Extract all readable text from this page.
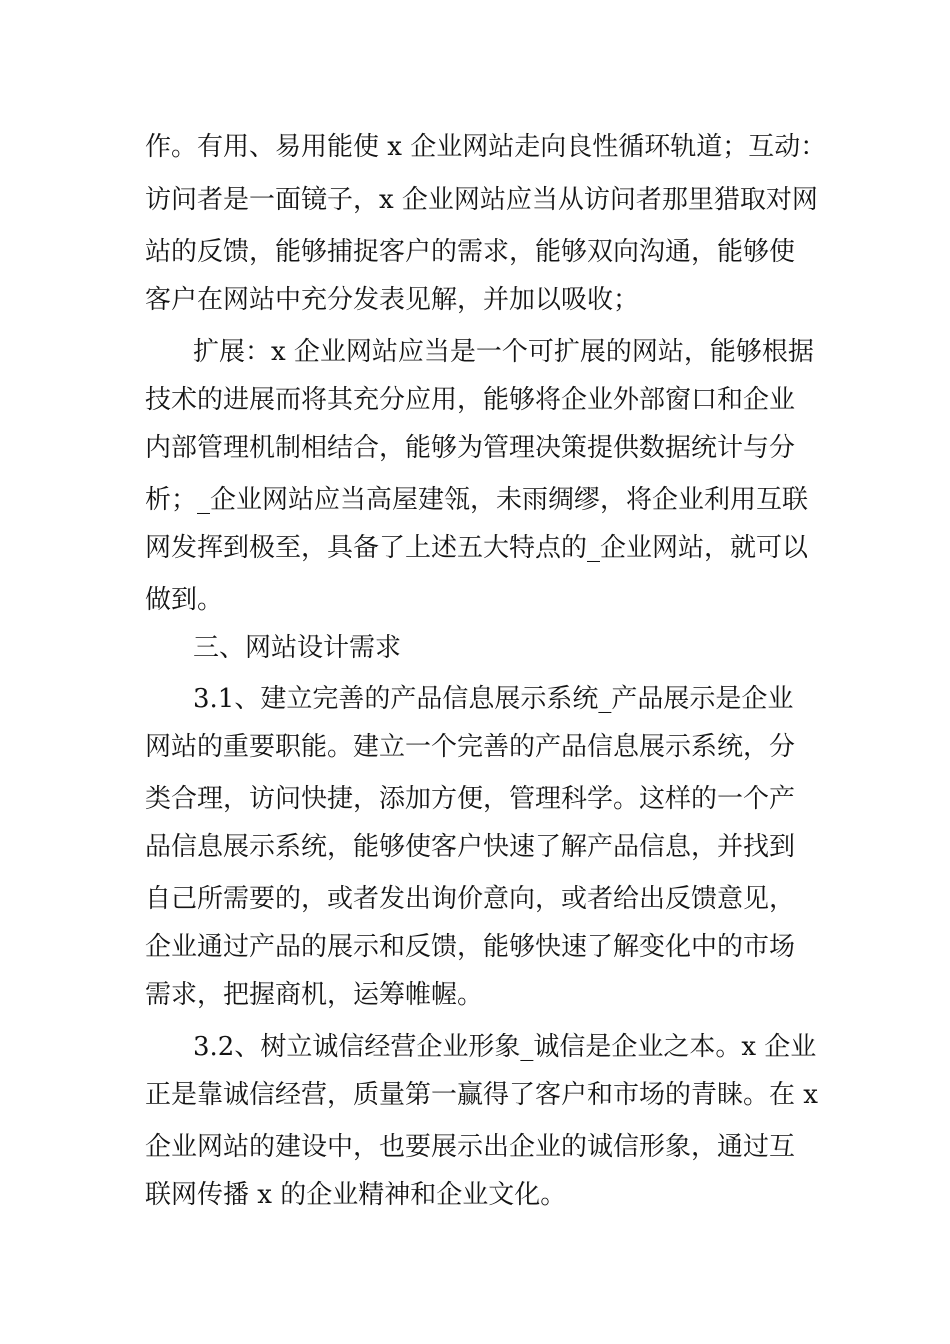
作。有用、易用能使 x 企业网站走向良性循环轨道；互动：
访问者是一面镜子，x 企业网站应当从访问者那里猎取对网
站的反馈，能够捕捉客户的需求，能够双向沟通，能够使
客户在网站中充分发表见解，并加以吸收；
扩展：x 企业网站应当是一个可扩展的网站，能够根据
技术的进展而将其充分应用，能够将企业外部窗口和企业
内部管理机制相结合，能够为管理决策提供数据统计与分
析；_企业网站应当高屋建瓴，未雨绸缪，将企业利用互联
网发挥到极至，具备了上述五大特点的_企业网站，就可以
做到。
三、网站设计需求
3.1、建立完善的产品信息展示系统_产品展示是企业
网站的重要职能。建立一个完善的产品信息展示系统，分
类合理，访问快捷，添加方便，管理科学。这样的一个产
品信息展示系统，能够使客户快速了解产品信息，并找到
自己所需要的，或者发出询价意向，或者给出反馈意见，
企业通过产品的展示和反馈，能够快速了解变化中的市场
需求，把握商机，运筹帷幄。
3.2、树立诚信经营企业形象_诚信是企业之本。x 企业
正是靠诚信经营，质量第一赢得了客户和市场的青睐。在 x
企业网站的建设中，也要展示出企业的诚信形象，通过互
联网传播 x 的企业精神和企业文化。
